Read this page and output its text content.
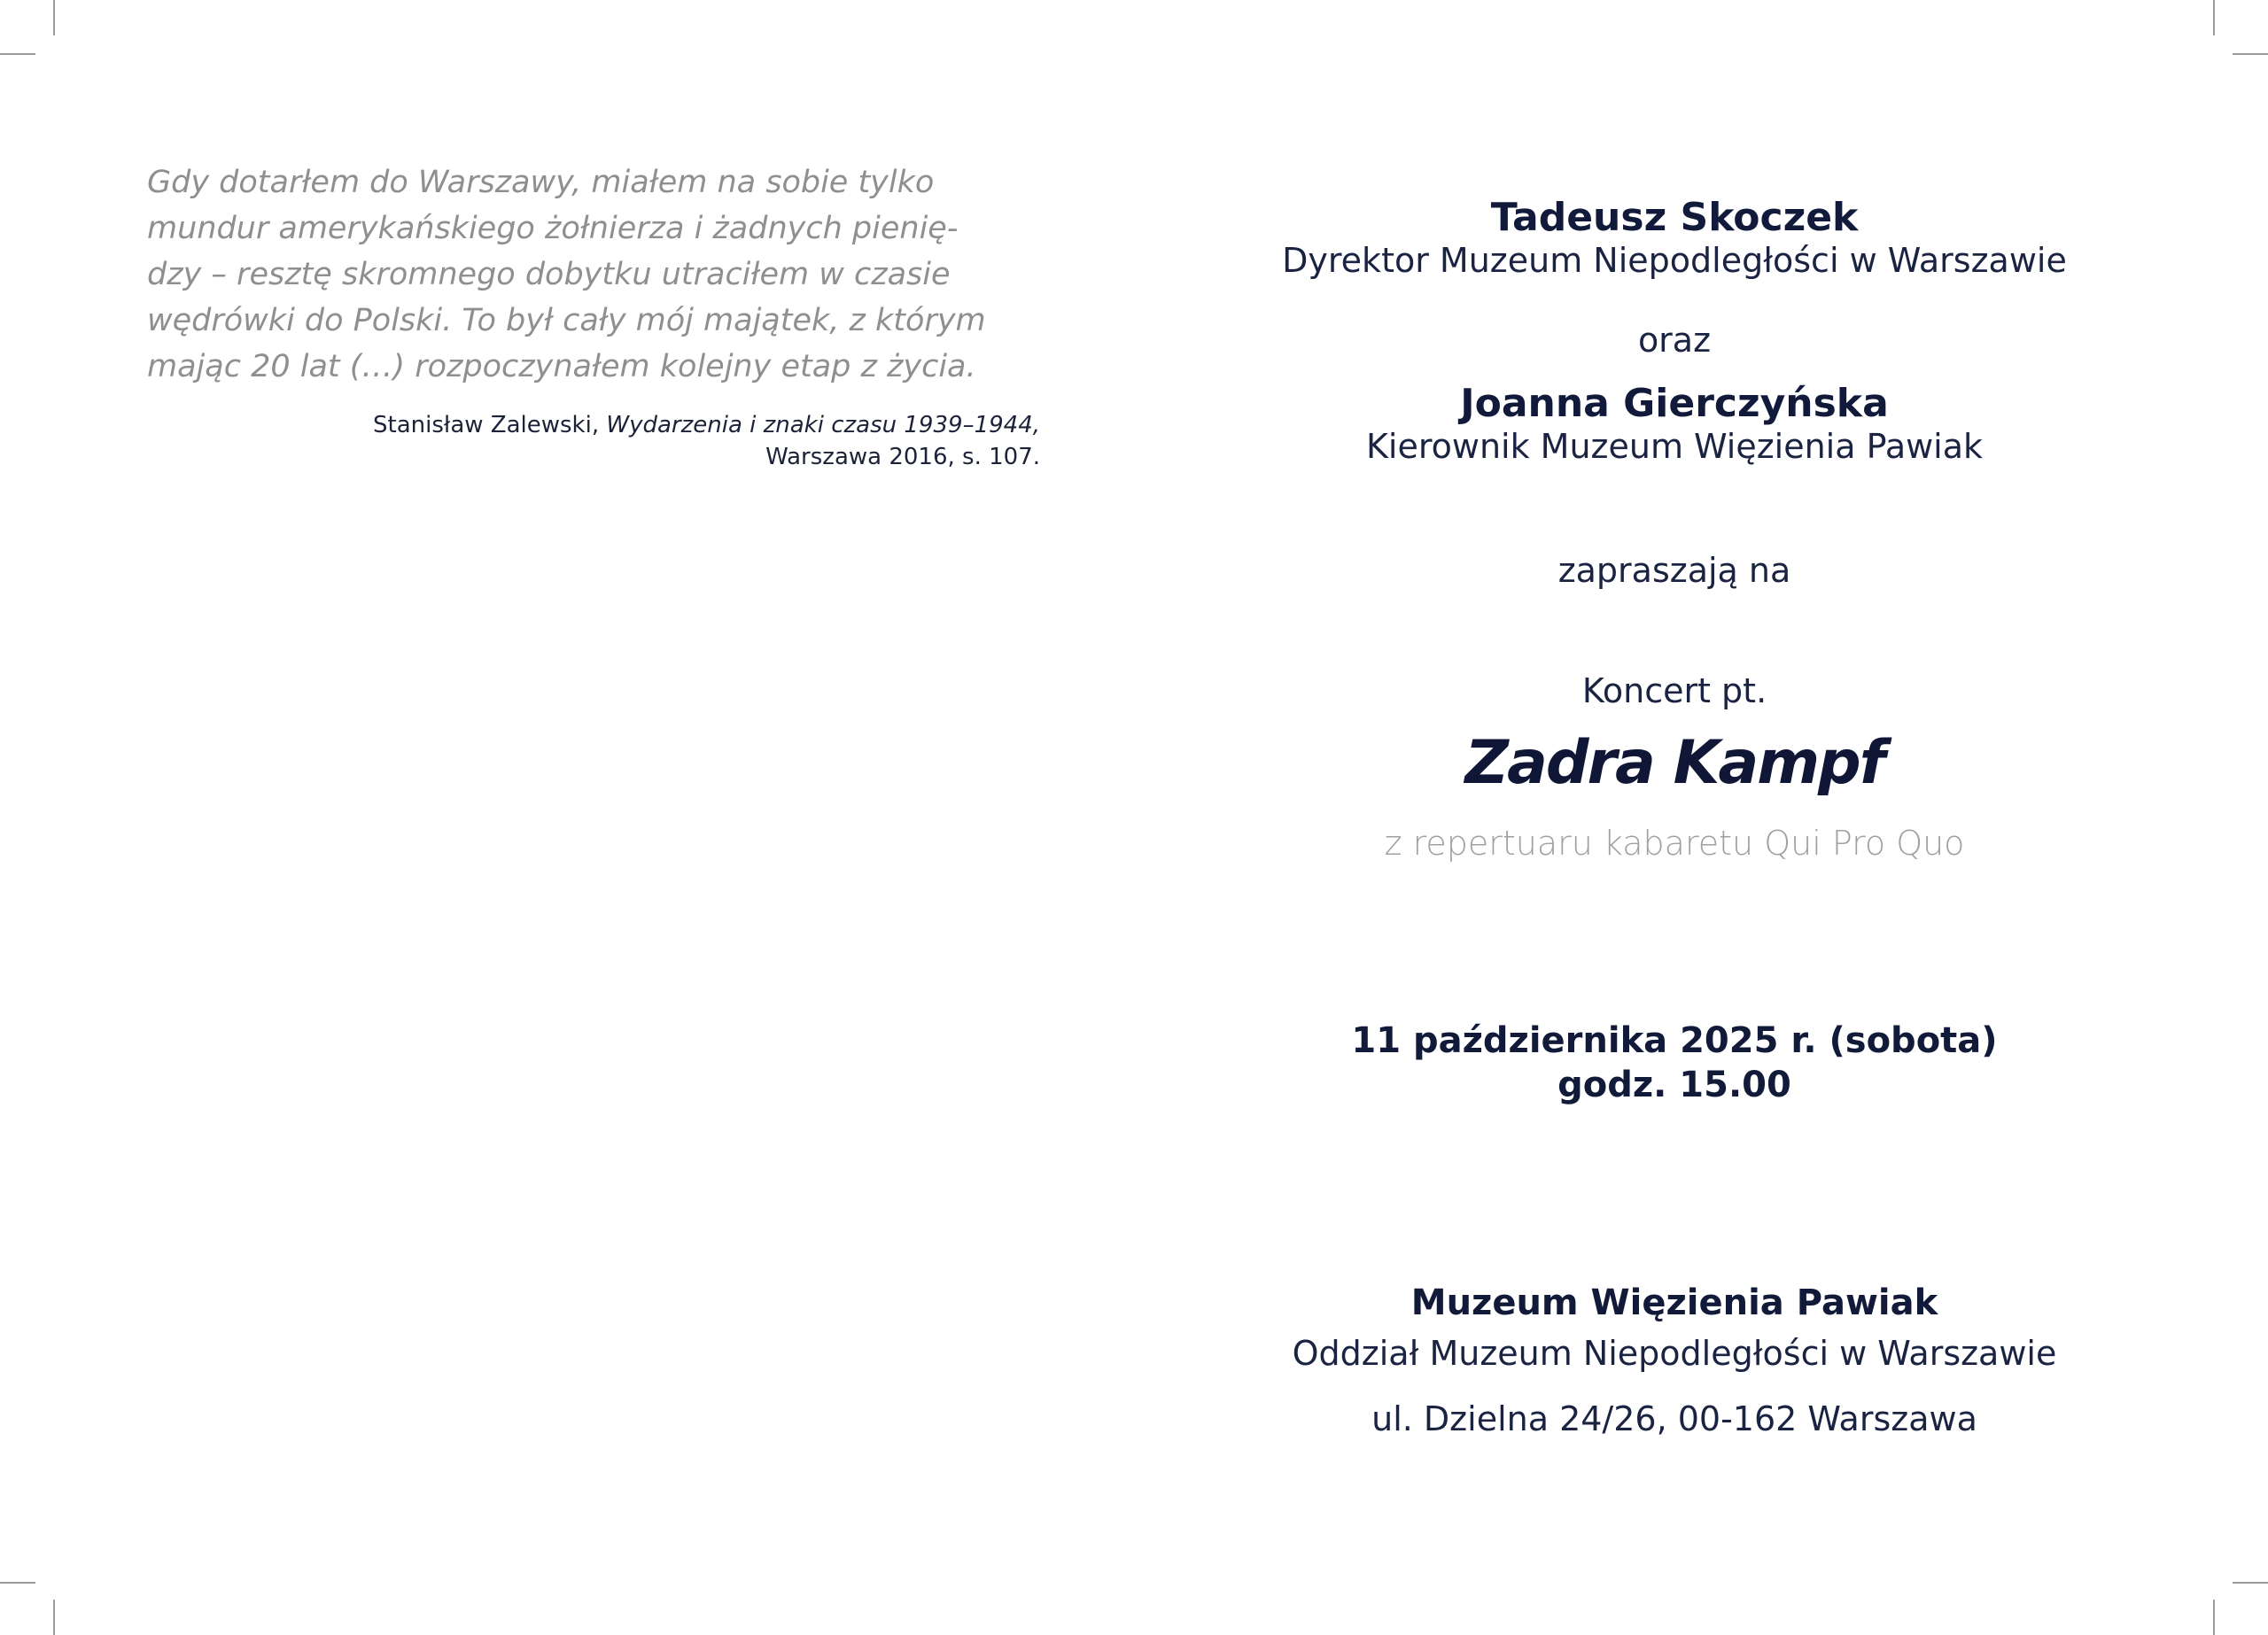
Gdy dotarłem do Warszawy, miałem na sobie tylko
mundur amerykańskiego żołnierza i żadnych pienię-
dzy – resztę skromnego dobytku utraciłem w czasie
wędrówki do Polski. To był cały mój majątek, z którym
mając 20 lat (…) rozpoczynałem kolejny etap z życia.

Stanisław Zalewski, Wydarzenia i znaki czasu 1939–1944,
Warszawa 2016, s. 107.
Tadeusz Skoczek
Dyrektor Muzeum Niepodległości w Warszawie
oraz
Joanna Gierczyńska
Kierownik Muzeum Więzienia Pawiak
zapraszają na
Koncert pt.
Zadra Kampf
z repertuaru kabaretu Qui Pro Quo
11 października 2025 r. (sobota)
godz. 15.00
Muzeum Więzienia Pawiak
Oddział Muzeum Niepodległości w Warszawie
ul. Dzielna 24/26, 00-162 Warszawa
